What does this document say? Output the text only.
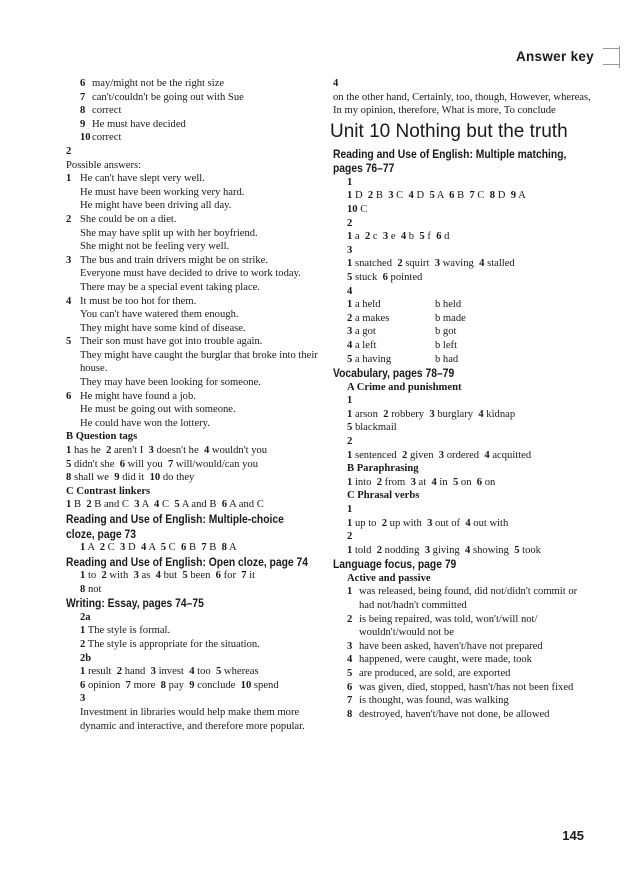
Answer key
6may/might not be the right size
7can't/couldn't be going out with Sue
8correct
9He must have decided
10correct
2
Possible answers:
1He can't have slept very well.
He must have been working very hard.
He might have been driving all day.
2She could be on a diet.
She may have split up with her boyfriend.
She might not be feeling very well.
3The bus and train drivers might be on strike.
Everyone must have decided to drive to work today.
There may be a special event taking place.
4It must be too hot for them.
You can't have watered them enough.
They might have some kind of disease.
5Their son must have got into trouble again.
They might have caught the burglar that broke into their house.
They may have been looking for someone.
6He might have found a job.
He must be going out with someone.
He could have won the lottery.
B Question tags
1 has he  2 aren't I  3 doesn't he  4 wouldn't you
5 didn't she  6 will you  7 will/would/can you
8 shall we  9 did it  10 do they
C Contrast linkers
1 B  2 B and C  3 A  4 C  5 A and B  6 A and C
Reading and Use of English: Multiple-choice
cloze, page 73
1 A  2 C  3 D  4 A  5 C  6 B  7 B  8 A
Reading and Use of English: Open cloze, page 74
1 to  2 with  3 as  4 but  5 been  6 for  7 it
8 not
Writing: Essay, pages 74–75
2a
1 The style is formal.
2 The style is appropriate for the situation.
2b
1 result  2 hand  3 invest  4 too  5 whereas
6 opinion  7 more  8 pay  9 conclude  10 spend
3
Investment in libraries would help make them more dynamic and interactive, and therefore more popular.
4
on the other hand, Certainly, too, though, However, whereas, In my opinion, therefore, What is more, To conclude
Unit 10 Nothing but the truth
Reading and Use of English: Multiple matching,
pages 76–77
1
1 D  2 B  3 C  4 D  5 A  6 B  7 C  8 D  9 A
10 C
2
1 a  2 c  3 e  4 b  5 f  6 d
3
1 snatched  2 squirt  3 waving  4 stalled
5 stuck  6 pointed
4
1 a held	b held
2 a makes	b made
3 a got	b got
4 a left	b left
5 a having	b had
Vocabulary, pages 78–79
A Crime and punishment
1
1 arson  2 robbery  3 burglary  4 kidnap
5 blackmail
2
1 sentenced  2 given  3 ordered  4 acquitted
B Paraphrasing
1 into  2 from  3 at  4 in  5 on  6 on
C Phrasal verbs
1
1 up to  2 up with  3 out of  4 out with
2
1 told  2 nodding  3 giving  4 showing  5 took
Language focus, page 79
Active and passive
1was released, being found, did not/didn't commit or had not/hadn't committed
2is being repaired, was told, won't/will not/ wouldn't/would not be
3have been asked, haven't/have not prepared
4happened, were caught, were made, took
5are produced, are sold, are exported
6was given, died, stopped, hasn't/has not been fixed
7is thought, was found, was walking
8destroyed, haven't/have not done, be allowed
145
